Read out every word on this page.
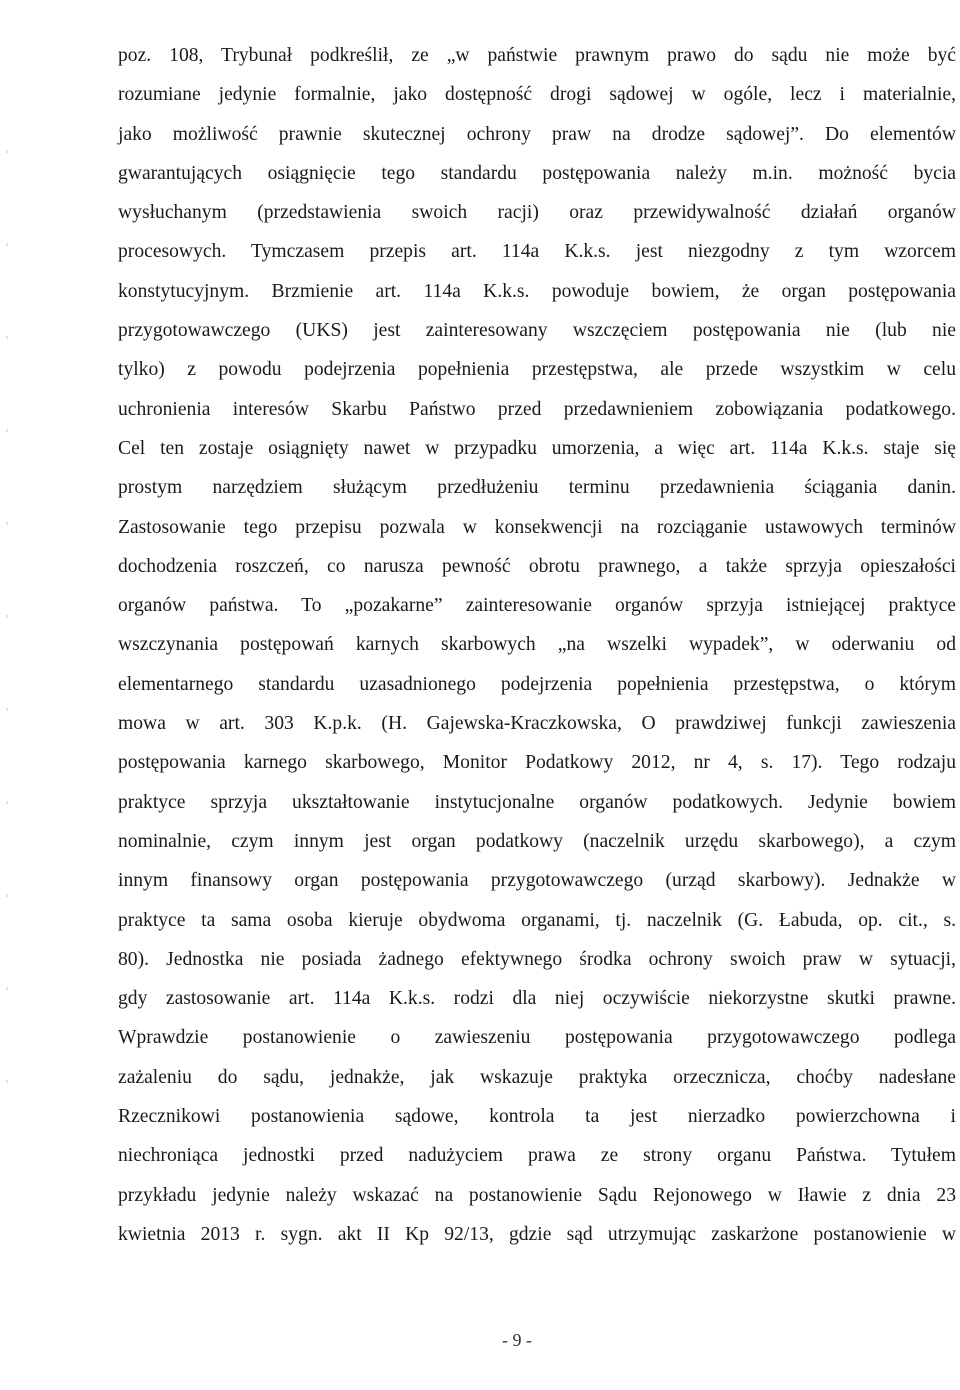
poz. 108, Trybunał podkreślił, ze „w państwie prawnym prawo do sądu nie może być
rozumiane jedynie formalnie, jako dostępność drogi sądowej w ogóle, lecz i materialnie,
jako możliwość prawnie skutecznej ochrony praw na drodze sądowej”. Do elementów
gwarantujących osiągnięcie tego standardu postępowania należy m.in. możność bycia
wysłuchanym (przedstawienia swoich racji) oraz przewidywalność działań organów
procesowych. Tymczasem przepis art. 114a K.k.s. jest niezgodny z tym wzorcem
konstytucyjnym. Brzmienie art. 114a K.k.s. powoduje bowiem, że organ postępowania
przygotowawczego (UKS) jest zainteresowany wszczęciem postępowania nie (lub nie
tylko) z powodu podejrzenia popełnienia przestępstwa, ale przede wszystkim w celu
uchronienia interesów Skarbu Państwo przed przedawnieniem zobowiązania podatkowego.
Cel ten zostaje osiągnięty nawet w przypadku umorzenia, a więc art. 114a K.k.s. staje się
prostym narzędziem służącym przedłużeniu terminu przedawnienia ściągania danin.
Zastosowanie tego przepisu pozwala w konsekwencji na rozciąganie ustawowych terminów
dochodzenia roszczeń, co narusza pewność obrotu prawnego, a także sprzyja opieszałości
organów państwa. To „pozakarne” zainteresowanie organów sprzyja istniejącej praktyce
wszczynania postępowań karnych skarbowych „na wszelki wypadek”, w oderwaniu od
elementarnego standardu uzasadnionego podejrzenia popełnienia przestępstwa, o którym
mowa w art. 303 K.p.k. (H. Gajewska-Kraczkowska, O prawdziwej funkcji zawieszenia
postępowania karnego skarbowego, Monitor Podatkowy 2012, nr 4, s. 17). Tego rodzaju
praktyce sprzyja ukształtowanie instytucjonalne organów podatkowych. Jedynie bowiem
nominalnie, czym innym jest organ podatkowy (naczelnik urzędu skarbowego), a czym
innym finansowy organ postępowania przygotowawczego (urząd skarbowy). Jednakże w
praktyce ta sama osoba kieruje obydwoma organami, tj. naczelnik (G. Łabuda, op. cit., s.
80). Jednostka nie posiada żadnego efektywnego środka ochrony swoich praw w sytuacji,
gdy zastosowanie art. 114a K.k.s. rodzi dla niej oczywiście niekorzystne skutki prawne.
Wprawdzie postanowienie o zawieszeniu postępowania przygotowawczego podlega
zażaleniu do sądu, jednakże, jak wskazuje praktyka orzecznicza, choćby nadesłane
Rzecznikowi postanowienia sądowe, kontrola ta jest nierzadko powierzchowna i
niechroniąca jednostki przed nadużyciem prawa ze strony organu Państwa. Tytułem
przykładu jedynie należy wskazać na postanowienie Sądu Rejonowego w Iławie z dnia 23
kwietnia 2013 r. sygn. akt II Kp 92/13, gdzie sąd utrzymując zaskarżone postanowienie w
- 9 -
